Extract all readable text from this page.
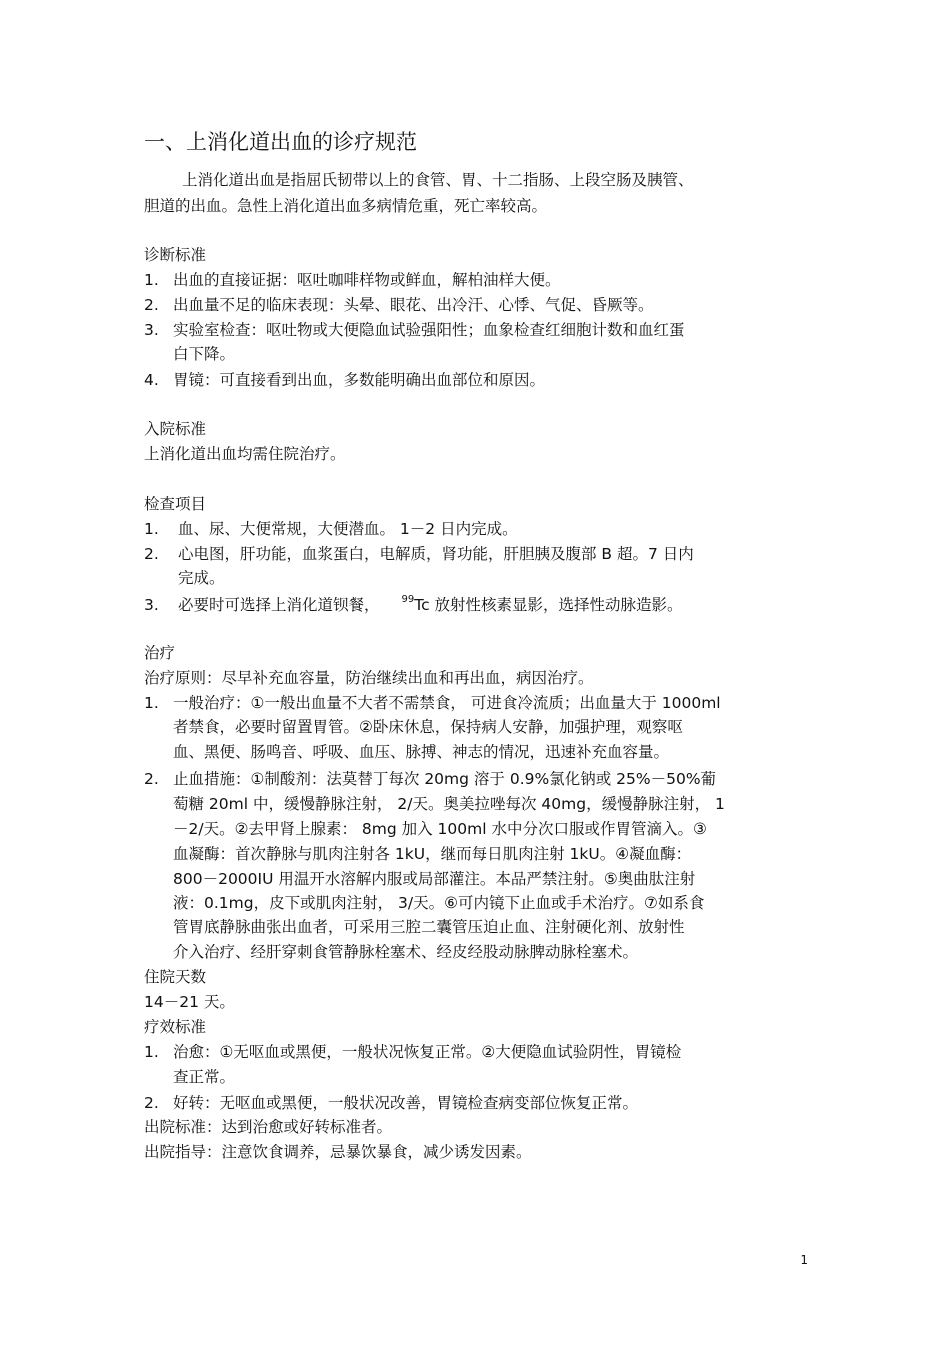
一、上消化道出血的诊疗规范
上消化道出血是指屈氏韧带以上的食管、胃、十二指肠、上段空肠及胰管、
胆道的出血。急性上消化道出血多病情危重，死亡率较高。
诊断标准
1. 出血的直接证据：呕吐咖啡样物或鲜血，解柏油样大便。
2. 出血量不足的临床表现：头晕、眼花、出冷汗、心悸、气促、昏厥等。
3. 实验室检查：呕吐物或大便隐血试验强阳性；血象检查红细胞计数和血红蛋
白下降。
4. 胃镜：可直接看到出血，多数能明确出血部位和原因。
入院标准
上消化道出血均需住院治疗。
检查项目
1. 血、尿、大便常规，大便潜血。 1－2 日内完成。
2. 心电图，肝功能，血浆蛋白，电解质，肾功能，肝胆胰及腹部 B 超。7 日内
完成。
3. 必要时可选择上消化道钡餐， $^{99}$Tc 放射性核素显影，选择性动脉造影。
治疗
治疗原则：尽早补充血容量，防治继续出血和再出血，病因治疗。
1. 一般治疗：①一般出血量不大者不需禁食， 可进食冷流质；出血量大于 1000ml
者禁食，必要时留置胃管。②卧床休息，保持病人安静，加强护理，观察呕
血、黑便、肠鸣音、呼吸、血压、脉搏、神志的情况，迅速补充血容量。
2. 止血措施：①制酸剂：法莫替丁每次 20mg 溶于 0.9%氯化钠或 25%－50%葡
萄糖 20ml 中，缓慢静脉注射， 2/天。奥美拉唑每次 40mg，缓慢静脉注射， 1
－2/天。②去甲肾上腺素： 8mg 加入 100ml 水中分次口服或作胃管滴入。③
血凝酶：首次静脉与肌肉注射各 1kU，继而每日肌肉注射 1kU。④凝血酶：
800－2000IU 用温开水溶解内服或局部灌注。本品严禁注射。⑤奥曲肽注射
液：0.1mg，皮下或肌肉注射， 3/天。⑥可内镜下止血或手术治疗。⑦如系食
管胃底静脉曲张出血者，可采用三腔二囊管压迫止血、注射硬化剂、放射性
介入治疗、经肝穿刺食管静脉栓塞术、经皮经股动脉脾动脉栓塞术。
住院天数
14－21 天。
疗效标准
1. 治愈：①无呕血或黑便，一般状况恢复正常。②大便隐血试验阴性，胃镜检
查正常。
2. 好转：无呕血或黑便，一般状况改善，胃镜检查病变部位恢复正常。
出院标准：达到治愈或好转标准者。
出院指导：注意饮食调养，忌暴饮暴食，减少诱发因素。
1
